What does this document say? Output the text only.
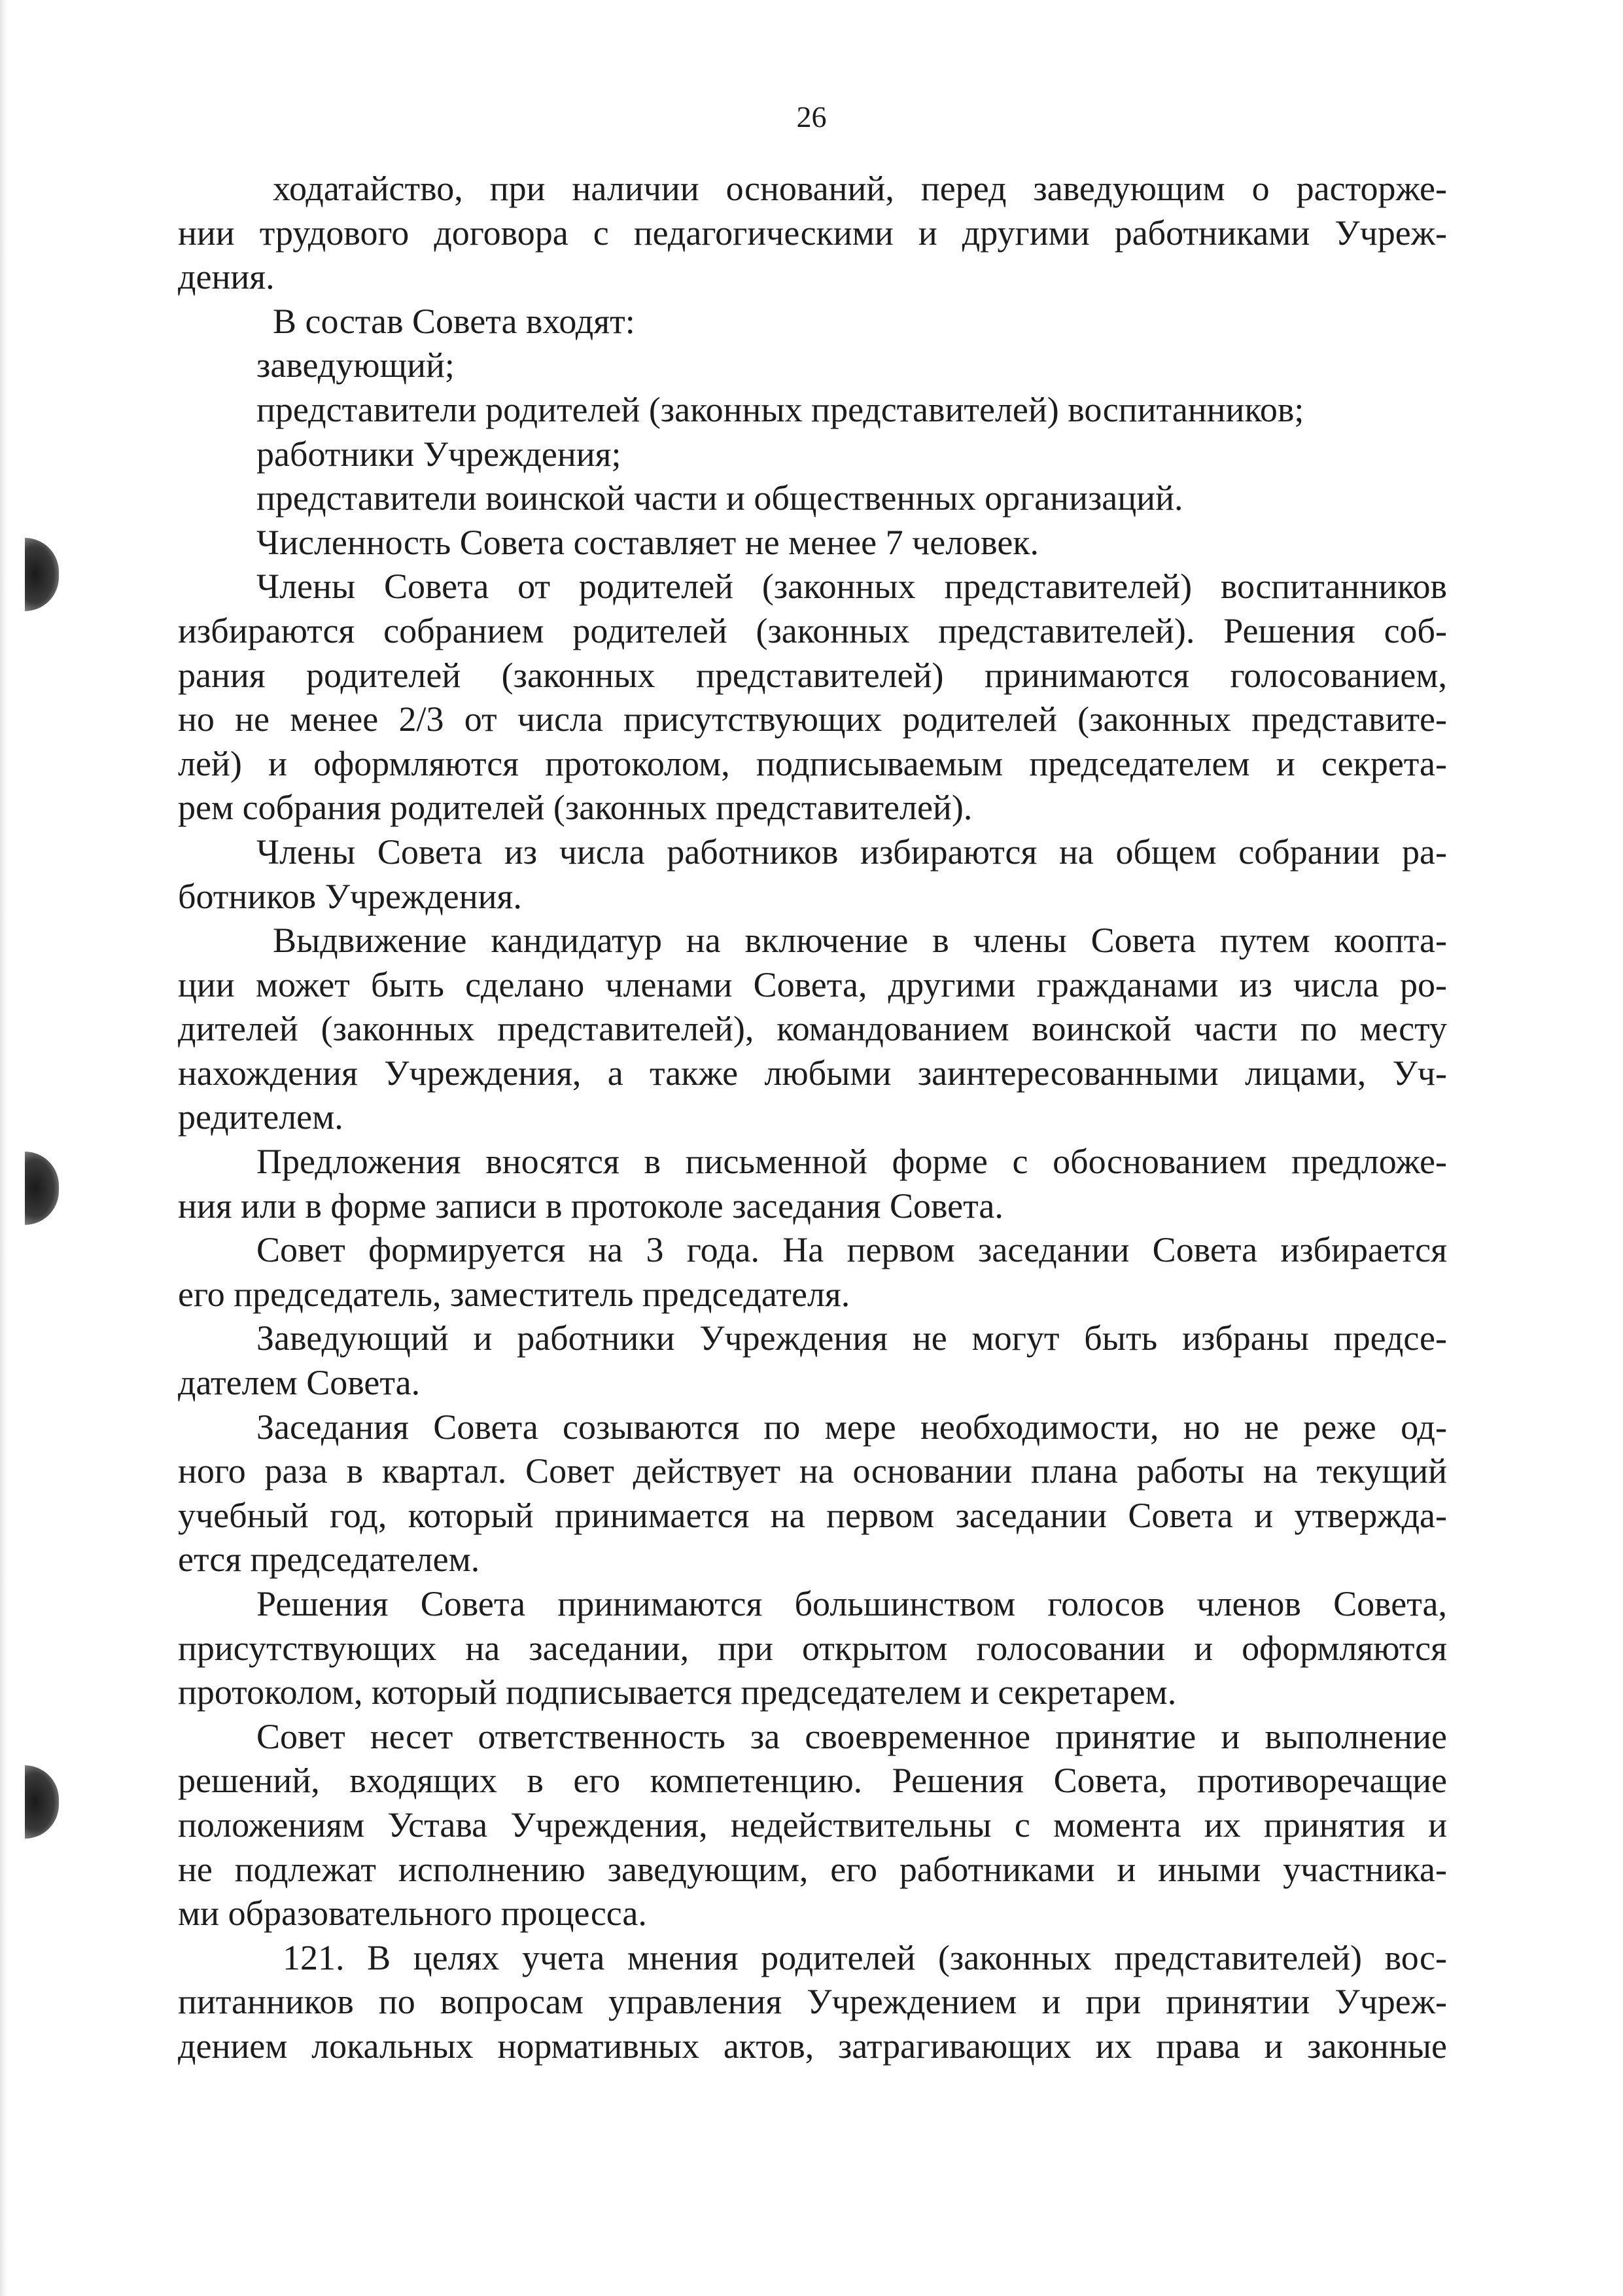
26
ходатайство, при наличии оснований, перед заведующим о расторже-
нии трудового договора с педагогическими и другими работниками Учреж-
дения.
В состав Совета входят:
заведующий;
представители родителей (законных представителей) воспитанников;
работники Учреждения;
представители воинской части и общественных организаций.
Численность Совета составляет не менее 7 человек.
Члены Совета от родителей (законных представителей) воспитанников
избираются собранием родителей (законных представителей). Решения соб-
рания родителей (законных представителей) принимаются голосованием,
но не менее 2/3 от числа присутствующих родителей (законных представите-
лей) и оформляются протоколом, подписываемым председателем и секрета-
рем собрания родителей (законных представителей).
Члены Совета из числа работников избираются на общем собрании ра-
ботников Учреждения.
Выдвижение кандидатур на включение в члены Совета путем коопта-
ции может быть сделано членами Совета, другими гражданами из числа ро-
дителей (законных представителей), командованием воинской части по месту
нахождения Учреждения, а также любыми заинтересованными лицами, Уч-
редителем.
Предложения вносятся в письменной форме с обоснованием предложе-
ния или в форме записи в протоколе заседания Совета.
Совет формируется на 3 года. На первом заседании Совета избирается
его председатель, заместитель председателя.
Заведующий и работники Учреждения не могут быть избраны предсе-
дателем Совета.
Заседания Совета созываются по мере необходимости, но не реже од-
ного раза в квартал. Совет действует на основании плана работы на текущий
учебный год, который принимается на первом заседании Совета и утвержда-
ется председателем.
Решения Совета принимаются большинством голосов членов Совета,
присутствующих на заседании, при открытом голосовании и оформляются
протоколом, который подписывается председателем и секретарем.
Совет несет ответственность за своевременное принятие и выполнение
решений, входящих в его компетенцию. Решения Совета, противоречащие
положениям Устава Учреждения, недействительны с момента их принятия и
не подлежат исполнению заведующим, его работниками и иными участника-
ми образовательного процесса.
121. В целях учета мнения родителей (законных представителей) вос-
питанников по вопросам управления Учреждением и при принятии Учреж-
дением локальных нормативных актов, затрагивающих их права и законные
